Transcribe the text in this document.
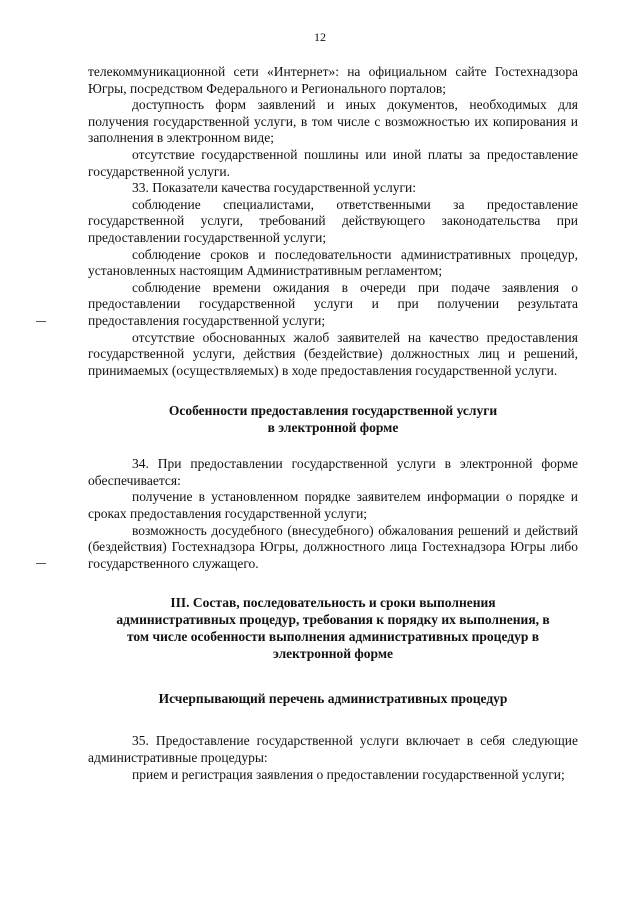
12

телекоммуникационной сети «Интернет»: на официальном сайте Гостехнадзора Югры, посредством Федерального и Регионального порталов;

доступность форм заявлений и иных документов, необходимых для получения государственной услуги, в том числе с возможностью их копирования и заполнения в электронном виде;

отсутствие государственной пошлины или иной платы за предоставление государственной услуги.

33. Показатели качества государственной услуги:

соблюдение специалистами, ответственными за предоставление государственной услуги, требований действующего законодательства при предоставлении государственной услуги;

соблюдение сроков и последовательности административных процедур, установленных настоящим Административным регламентом;

соблюдение времени ожидания в очереди при подаче заявления о предоставлении государственной услуги и при получении результата предоставления государственной услуги;

отсутствие обоснованных жалоб заявителей на качество предоставления государственной услуги, действия (бездействие) должностных лиц и решений, принимаемых (осуществляемых) в ходе предоставления государственной услуги.

Особенности предоставления государственной услуги

в электронной форме

34. При предоставлении государственной услуги в электронной форме обеспечивается:

получение в установленном порядке заявителем информации о порядке и сроках предоставления государственной услуги;

возможность досудебного (внесудебного) обжалования решений и действий (бездействия) Гостехнадзора Югры, должностного лица Гостехнадзора Югры либо государственного служащего.

III. Состав, последовательность и сроки выполнения

административных процедур, требования к порядку их выполнения, в

том числе особенности выполнения административных процедур в

электронной форме

Исчерпывающий перечень административных процедур

35. Предоставление государственной услуги включает в себя следующие административные процедуры:

прием и регистрация заявления о предоставлении государственной услуги;
